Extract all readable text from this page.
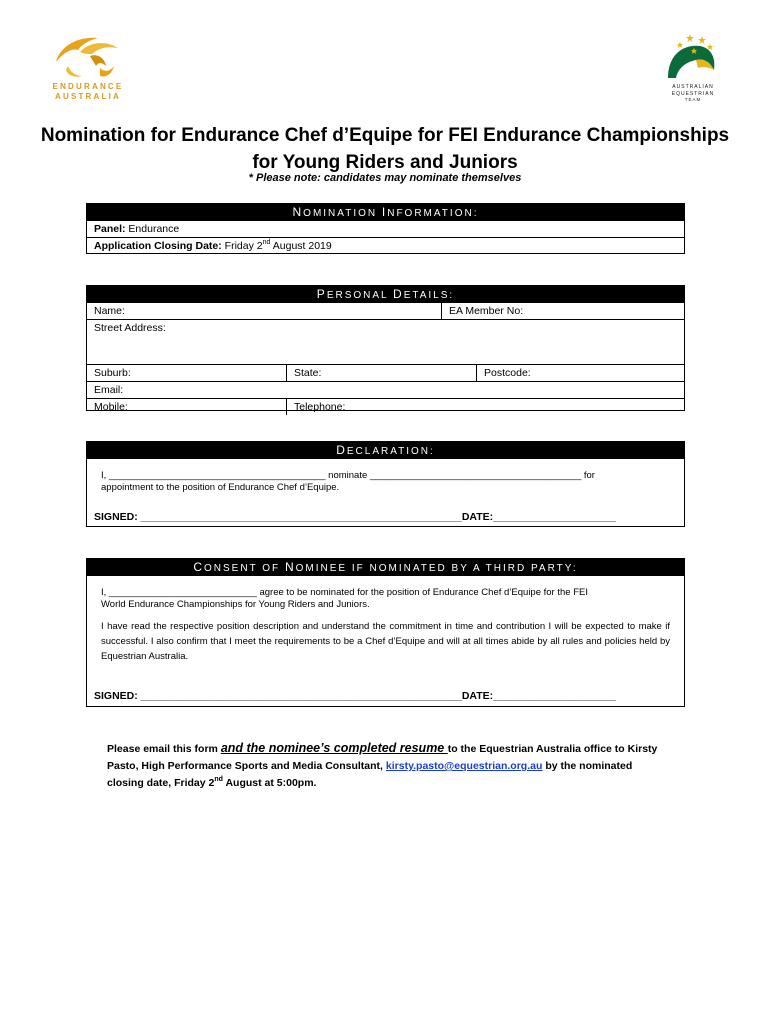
ENDURANCE
AUSTRALIA
AUSTRALIAN
EQUESTRIAN
TEAM
Nomination for Endurance Chef d’Equipe for FEI Endurance Championships for Young Riders and Juniors
* Please note: candidates may nominate themselves
NOMINATION INFORMATION:
Panel: Endurance
Application Closing Date: Friday 2nd August 2019
PERSONAL DETAILS:
Name:	EA Member No:
Street Address:
Suburb:	State:	Postcode:
Email:
Mobile:	Telephone:
DECLARATION:
I, _________________________________________ nominate ________________________________________ for
appointment to the position of Endurance Chef d’Equipe.
SIGNED: _______________________________________________________DATE:_____________________
CONSENT OF NOMINEE IF NOMINATED BY A THIRD PARTY:
I, ____________________________ agree to be nominated for the position of Endurance Chef d’Equipe for the FEI
World Endurance Championships for Young Riders and Juniors.
I have read the respective position description and understand the commitment in time and contribution I will be expected to make if successful. I also confirm that I meet the requirements to be a Chef d’Equipe and will at all times abide by all rules and policies held by Equestrian Australia.
SIGNED: _______________________________________________________DATE:_____________________
Please email this form and the nominee’s completed resume to the Equestrian Australia office to Kirsty Pasto, High Performance Sports and Media Consultant, kirsty.pasto@equestrian.org.au by the nominated closing date, Friday 2nd August at 5:00pm.
